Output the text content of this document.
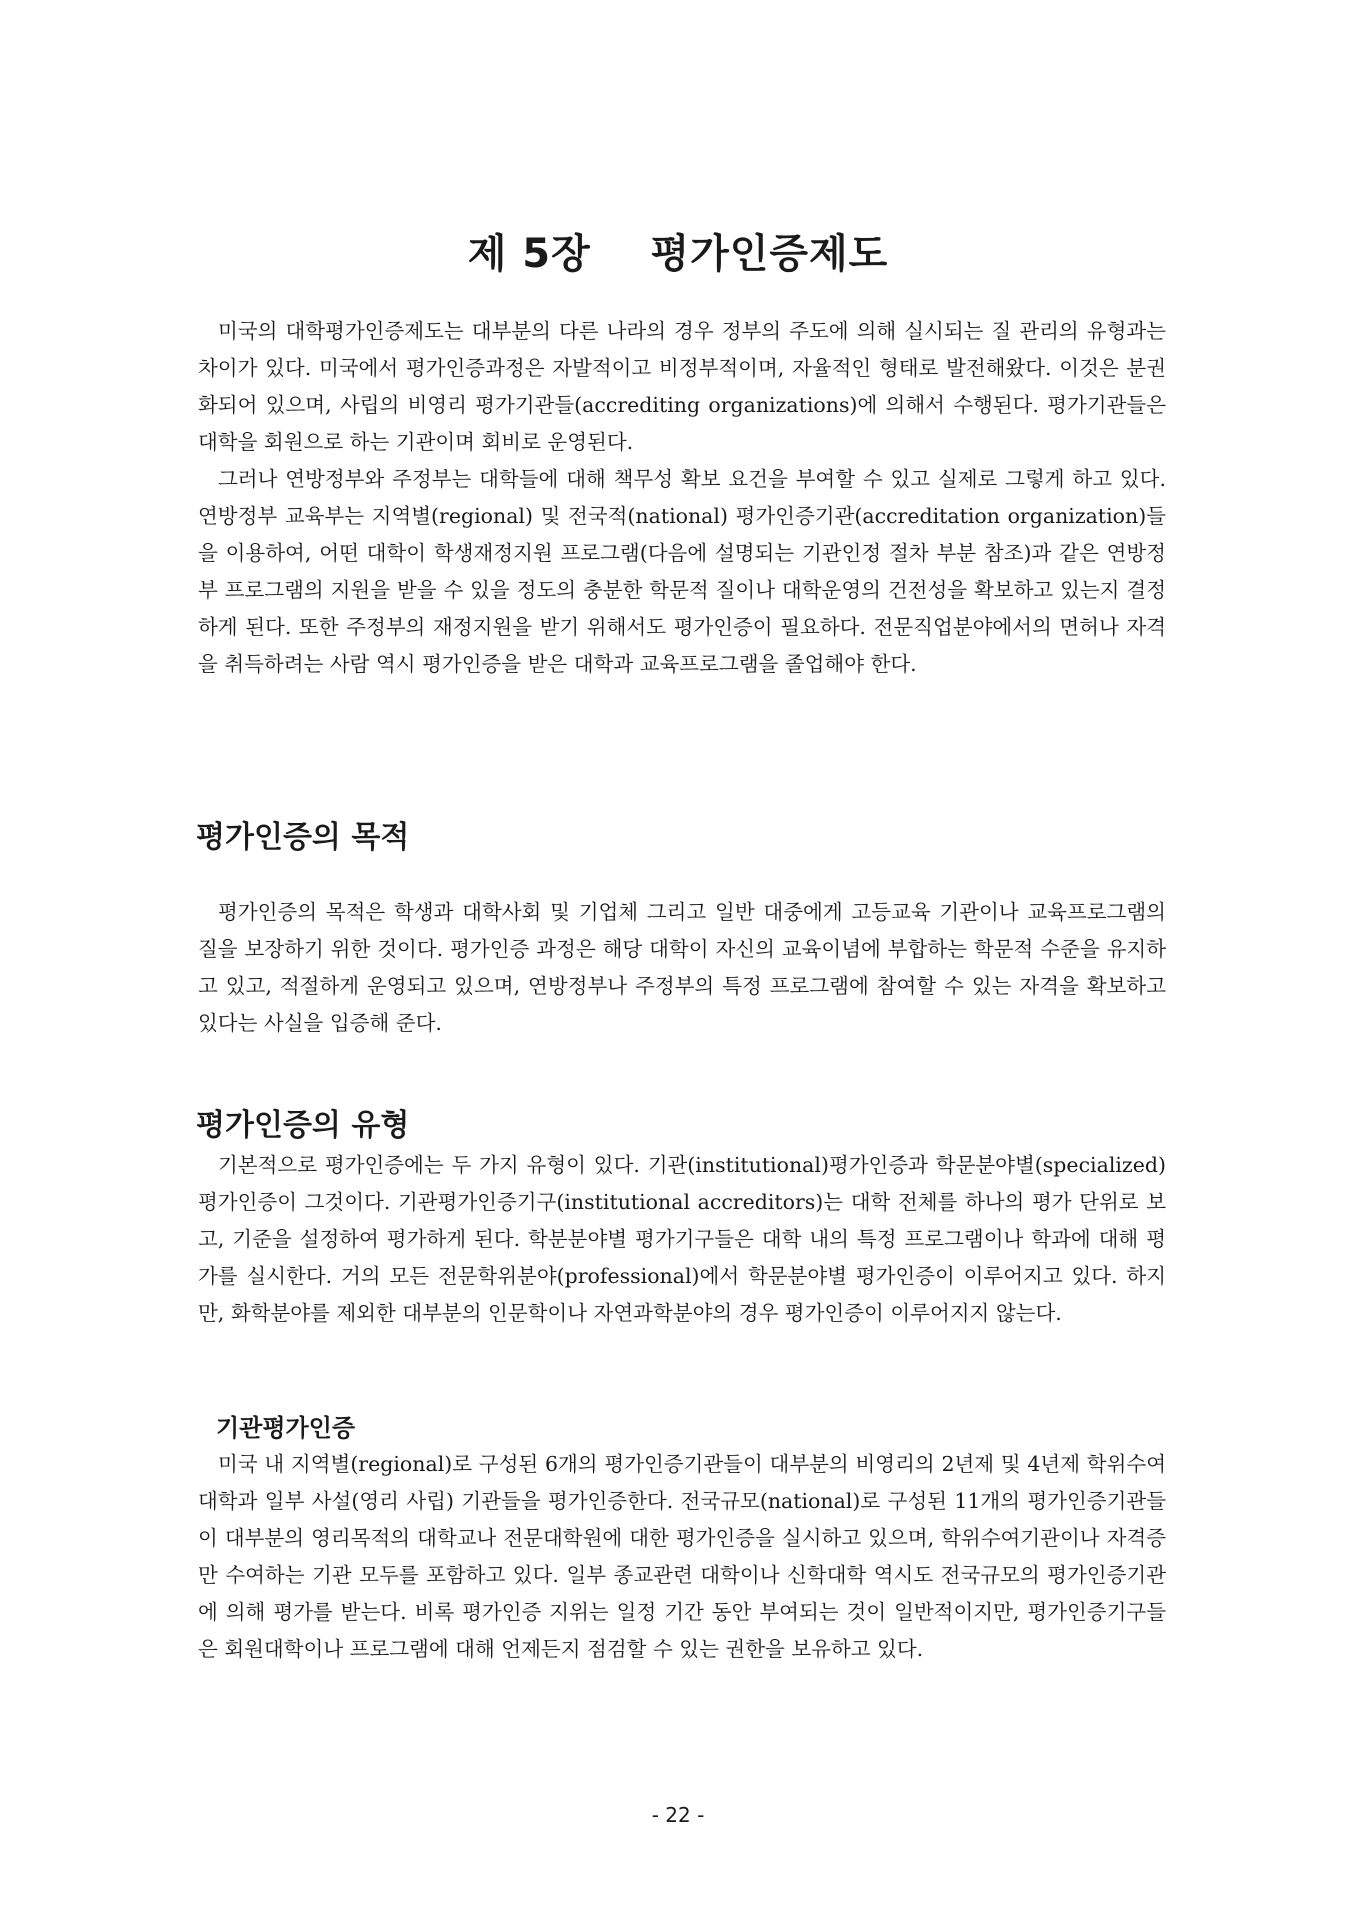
제 5장    평가인증제도

미국의 대학평가인증제도는 대부분의 다른 나라의 경우 정부의 주도에 의해 실시되는 질 관리의 유형과는 차이가 있다. 미국에서 평가인증과정은 자발적이고 비정부적이며, 자율적인 형태로 발전해왔다. 이것은 분권화되어 있으며, 사립의 비영리 평가기관들(accrediting organizations)에 의해서 수행된다. 평가기관들은 대학을 회원으로 하는 기관이며 회비로 운영된다.

그러나 연방정부와 주정부는 대학들에 대해 책무성 확보 요건을 부여할 수 있고 실제로 그렇게 하고 있다. 연방정부 교육부는 지역별(regional) 및 전국적(national) 평가인증기관(accreditation organization)들을 이용하여, 어떤 대학이 학생재정지원 프로그램(다음에 설명되는 기관인정 절차 부분 참조)과 같은 연방정부 프로그램의 지원을 받을 수 있을 정도의 충분한 학문적 질이나 대학운영의 건전성을 확보하고 있는지 결정하게 된다. 또한 주정부의 재정지원을 받기 위해서도 평가인증이 필요하다. 전문직업분야에서의 면허나 자격을 취득하려는 사람 역시 평가인증을 받은 대학과 교육프로그램을 졸업해야 한다.

평가인증의 목적

평가인증의 목적은 학생과 대학사회 및 기업체 그리고 일반 대중에게 고등교육 기관이나 교육프로그램의 질을 보장하기 위한 것이다. 평가인증 과정은 해당 대학이 자신의 교육이념에 부합하는 학문적 수준을 유지하고 있고, 적절하게 운영되고 있으며, 연방정부나 주정부의 특정 프로그램에 참여할 수 있는 자격을 확보하고 있다는 사실을 입증해 준다.

평가인증의 유형

기본적으로 평가인증에는 두 가지 유형이 있다. 기관(institutional)평가인증과 학문분야별(specialized) 평가인증이 그것이다. 기관평가인증기구(institutional accreditors)는 대학 전체를 하나의 평가 단위로 보고, 기준을 설정하여 평가하게 된다. 학분분야별 평가기구들은 대학 내의 특정 프로그램이나 학과에 대해 평가를 실시한다. 거의 모든 전문학위분야(professional)에서 학문분야별 평가인증이 이루어지고 있다. 하지만, 화학분야를 제외한 대부분의 인문학이나 자연과학분야의 경우 평가인증이 이루어지지 않는다.

기관평가인증

미국 내 지역별(regional)로 구성된 6개의 평가인증기관들이 대부분의 비영리의 2년제 및 4년제 학위수여 대학과 일부 사설(영리 사립) 기관들을 평가인증한다. 전국규모(national)로 구성된 11개의 평가인증기관들이 대부분의 영리목적의 대학교나 전문대학원에 대한 평가인증을 실시하고 있으며, 학위수여기관이나 자격증만 수여하는 기관 모두를 포함하고 있다. 일부 종교관련 대학이나 신학대학 역시도 전국규모의 평가인증기관에 의해 평가를 받는다. 비록 평가인증 지위는 일정 기간 동안 부여되는 것이 일반적이지만, 평가인증기구들은 회원대학이나 프로그램에 대해 언제든지 점검할 수 있는 권한을 보유하고 있다.

- 22 -
